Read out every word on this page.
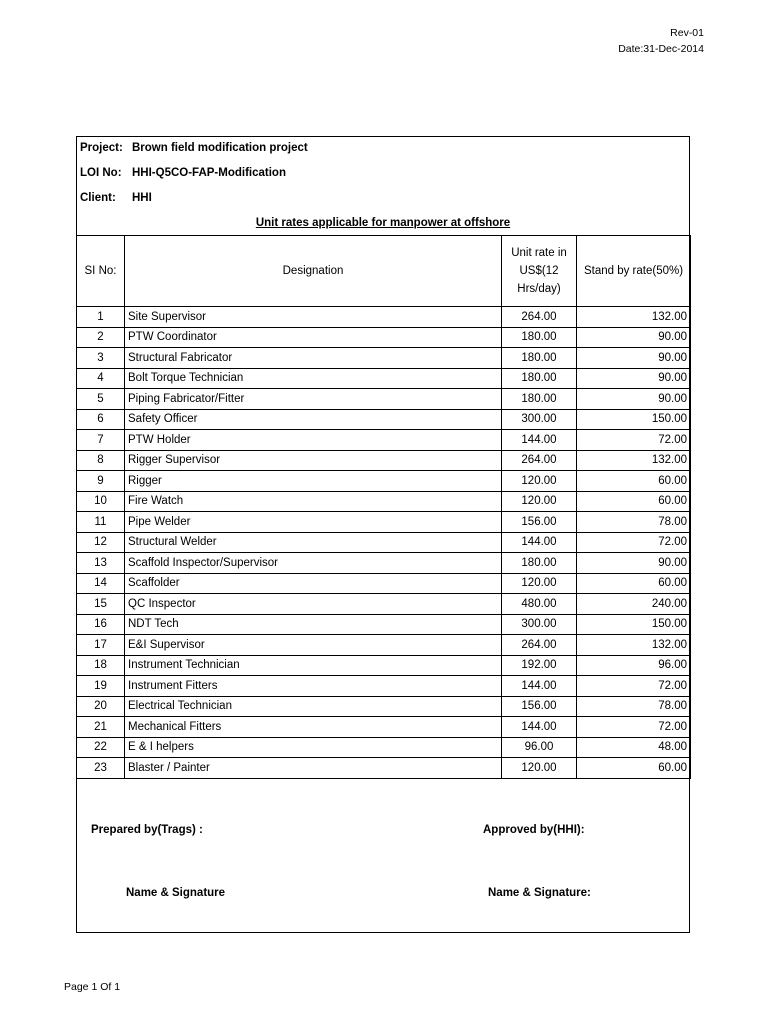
Rev-01
Date:31-Dec-2014
Project: Brown field modification project
LOI No: HHI-Q5CO-FAP-Modification
Client: HHI
Unit rates applicable for manpower at offshore
SI No:	Designation	Unit rate in US$(12 Hrs/day)	Stand by rate(50%)
1	Site Supervisor	264.00	132.00
2	PTW Coordinator	180.00	90.00
3	Structural Fabricator	180.00	90.00
4	Bolt Torque Technician	180.00	90.00
5	Piping Fabricator/Fitter	180.00	90.00
6	Safety Officer	300.00	150.00
7	PTW Holder	144.00	72.00
8	Rigger Supervisor	264.00	132.00
9	Rigger	120.00	60.00
10	Fire Watch	120.00	60.00
11	Pipe Welder	156.00	78.00
12	Structural Welder	144.00	72.00
13	Scaffold Inspector/Supervisor	180.00	90.00
14	Scaffolder	120.00	60.00
15	QC Inspector	480.00	240.00
16	NDT Tech	300.00	150.00
17	E&I Supervisor	264.00	132.00
18	Instrument Technician	192.00	96.00
19	Instrument Fitters	144.00	72.00
20	Electrical Technician	156.00	78.00
21	Mechanical Fitters	144.00	72.00
22	E & I helpers	96.00	48.00
23	Blaster / Painter	120.00	60.00
Prepared by(Trags) :	Approved by(HHI):
Name & Signature	Name & Signature:
Page 1 Of 1
